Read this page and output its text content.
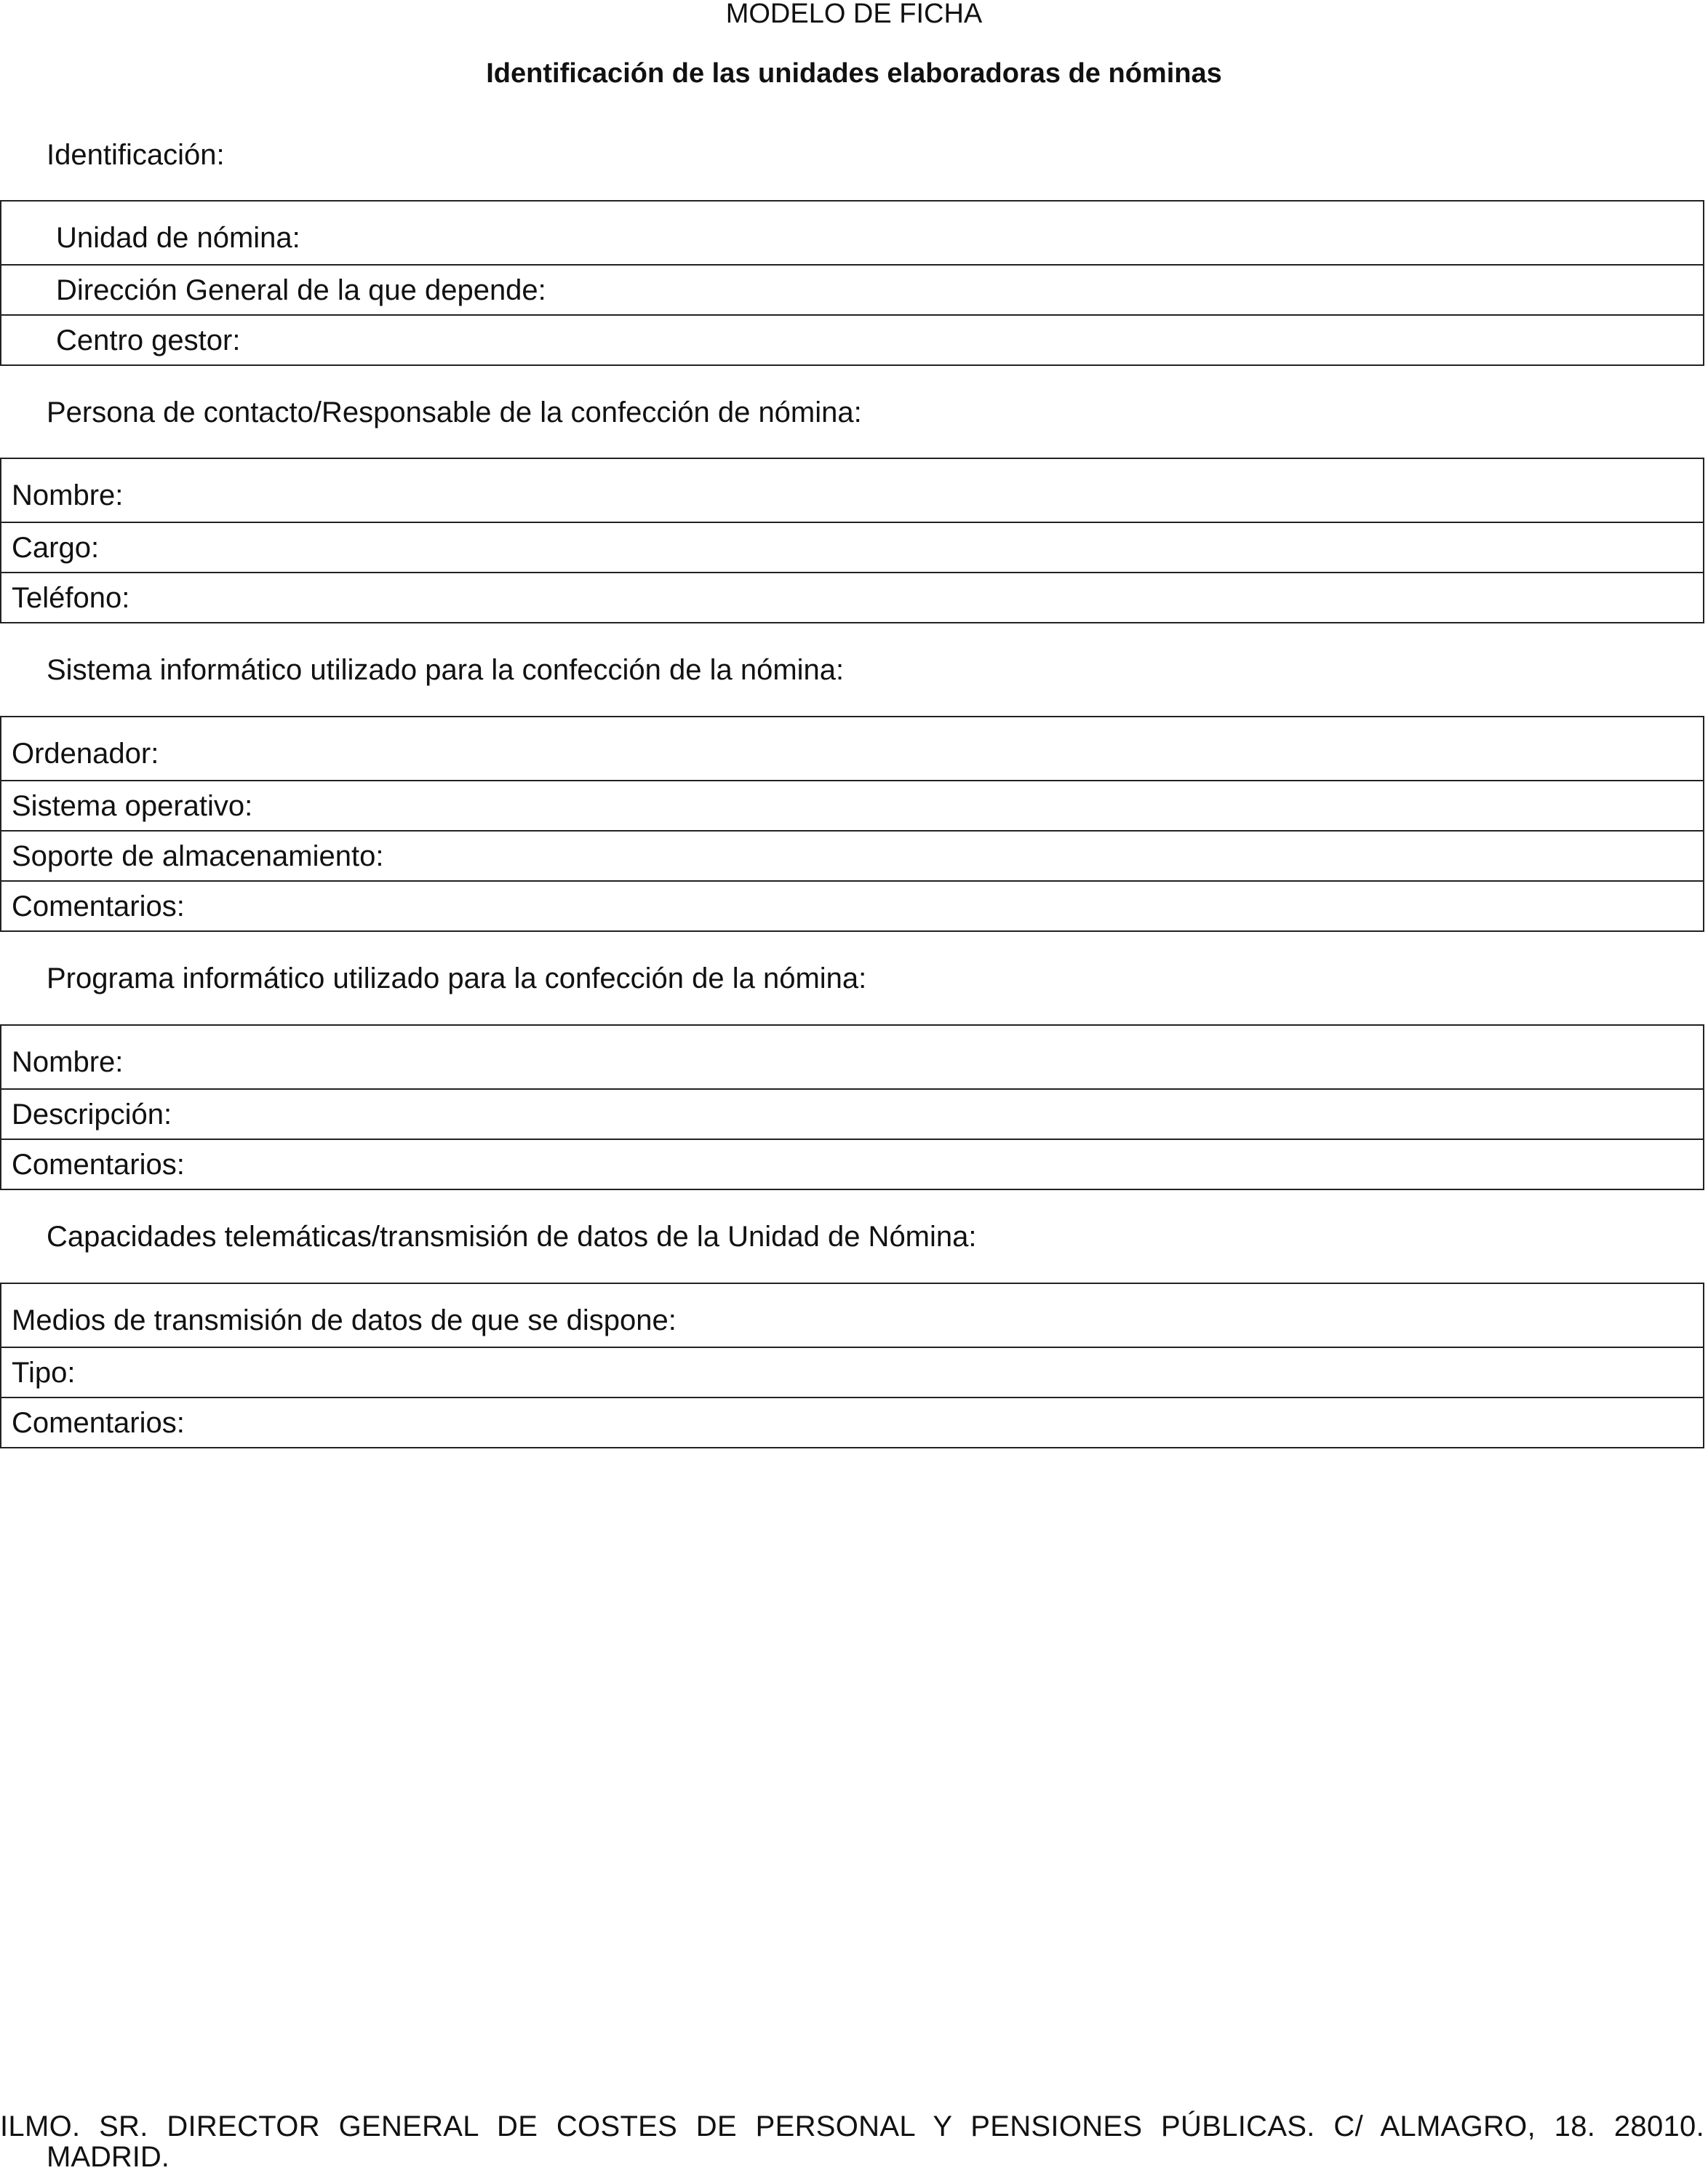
MODELO DE FICHA
Identificación de las unidades elaboradoras de nóminas
Identificación:
Unidad de nómina:
Dirección General de la que depende:
Centro gestor:
Persona de contacto/Responsable de la confección de nómina:
Nombre:
Cargo:
Teléfono:
Sistema informático utilizado para la confección de la nómina:
Ordenador:
Sistema operativo:
Soporte de almacenamiento:
Comentarios:
Programa informático utilizado para la confección de la nómina:
Nombre:
Descripción:
Comentarios:
Capacidades telemáticas/transmisión de datos de la Unidad de Nómina:
Medios de transmisión de datos de que se dispone:
Tipo:
Comentarios:
ILMO. SR. DIRECTOR GENERAL DE COSTES DE PERSONAL Y PENSIONES PÚBLICAS. C/ ALMAGRO, 18. 28010.
MADRID.
